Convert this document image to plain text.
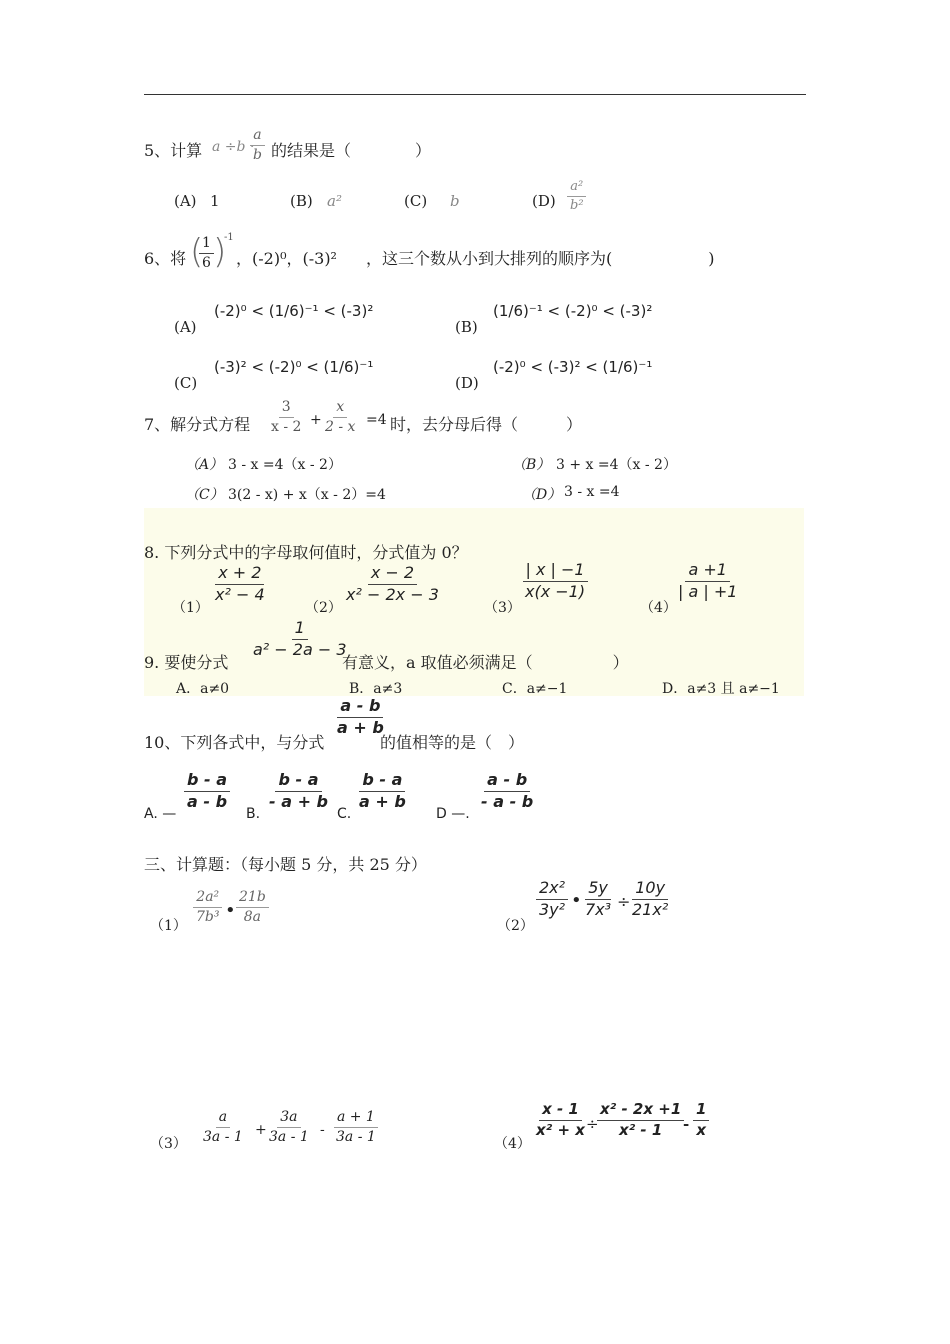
5、计算 a ÷b ·
$\frac{a}{b}$ 的结果是（　　　　）
(A) 1	(B) a²	(C) b	$(D) \frac{\text{a²}}{\text{b²}}$
6、将 (
$\frac{1}{6}$ )
-1
，(-2)⁰，(-3)² ，这三个数从小到大排列的顺序为(　　　　　　)
(A)
(-2)⁰ < (1/6)⁻¹ < (-3)²
(B)
(1/6)⁻¹ < (-2)⁰ < (-3)²
(C)
(-3)² < (-2)⁰ < (1/6)⁻¹
(D)
(-2)⁰ < (-3)² < (1/6)⁻¹
7、解分式方程 $\frac{3}{x - 2} + \frac{x}{2 - x} =4$ 时，去分母后得（　　　）
（A） 3 - x =4（x - 2）	（B） 3 + x =4（x - 2）
（C） 3(2 - x) + x（x - 2）=4	（D） 3 - x =4
8. 下列分式中的字母取何值时，分式值为 0？
（1）
$\frac{x + 2}{\text{x² − 4}}$
（2）
$\frac{x - 2}{\text{x² − 2x − 3}}$
（3）
$\frac{| x | -1}{x(x -1)}$
（4）
$\frac{a +1}{| a | +1}$
9. 要使分式
$\frac{1}{\text{a² − 2a − 3}}$
有意义，a 取值必须满足（　　　　　）
A．a≠0	B．a≠3	C．a≠−1	D．a≠3 且 a≠−1
10、下列各式中，与分式
$\frac{a - b}{a + b}$
的值相等的是（　）
A. —
$\frac{b - a}{a - b}$
B.
$\frac{b - a}{- a + b}$
C.
$\frac{b - a}{a + b}$
D —.
$\frac{a - b}{- a - b}$
三、计算题：（每小题 5 分，共 25 分）
（1）
$\frac{\text{2a²}}{\text{7b³}}$ • $\frac{21b}{8a}$
（2）
$\frac{\text{2x²}}{\text{3y²}}$ • $\frac{5y}{\text{7x³}}$ ÷
$\frac{10y}{\text{21x²}}$
$(3) \frac{a}{3a - 1} + \frac{3a}{3a - 1} - \frac{a + 1}{3a - 1}$	（4）
$\frac{x - 1}{\text{x² + x}}$
÷
$\frac{\text{x² - 2x +1}}{\text{x² - 1}}$
- $\frac{1}{x}$
